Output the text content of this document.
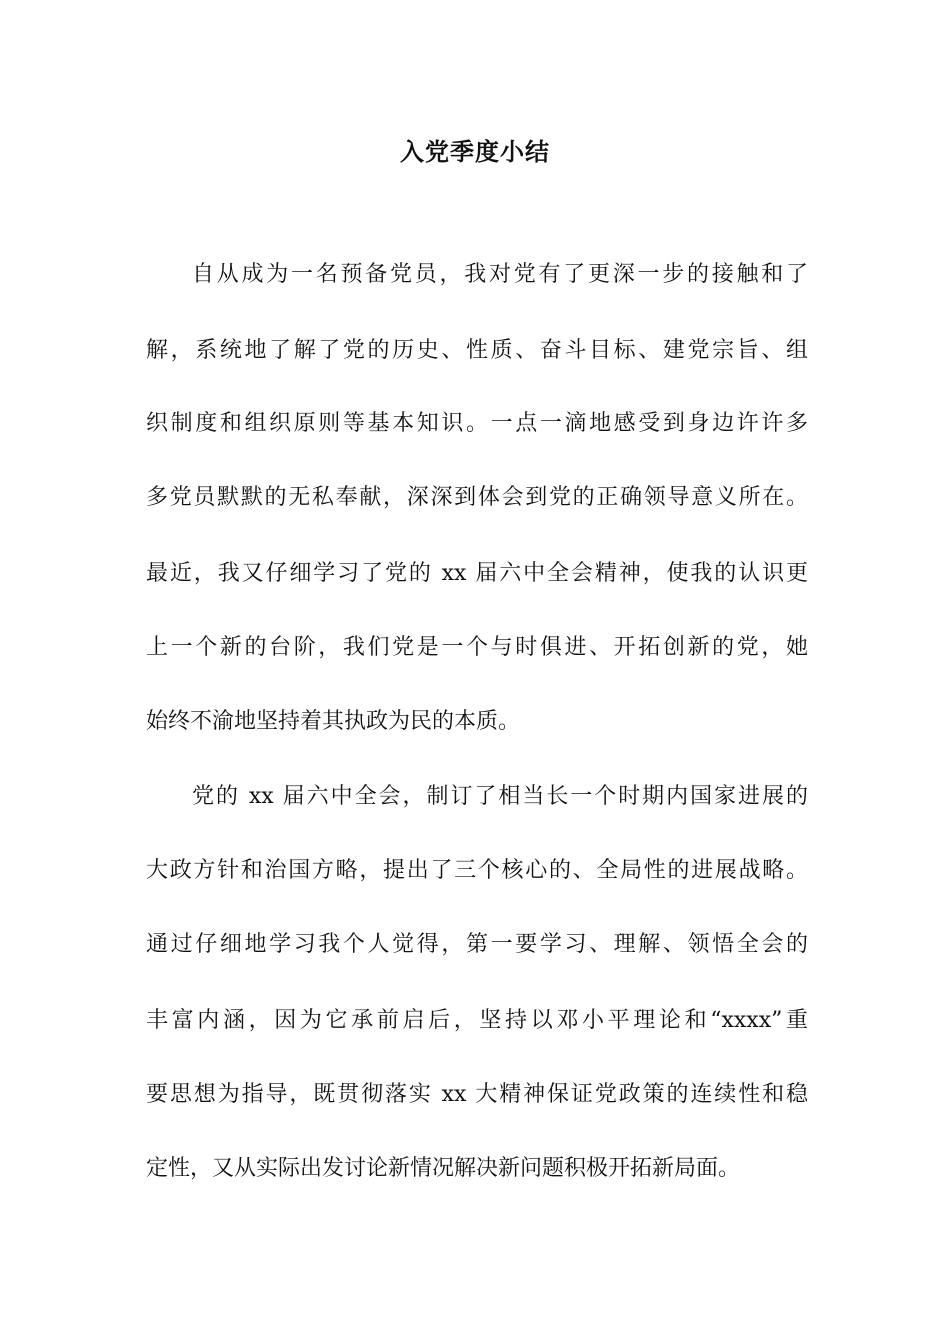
入党季度小结

自从成为一名预备党员，我对党有了更深一步的接触和了

解，系统地了解了党的历史、性质、奋斗目标、建党宗旨、组

织制度和组织原则等基本知识。一点一滴地感受到身边许许多

多党员默默的无私奉献，深深到体会到党的正确领导意义所在。

最近，我又仔细学习了党的 xx 届六中全会精神，使我的认识更

上一个新的台阶，我们党是一个与时俱进、开拓创新的党，她

始终不渝地坚持着其执政为民的本质。

党的 xx 届六中全会，制订了相当长一个时期内国家进展的

大政方针和治国方略，提出了三个核心的、全局性的进展战略。

通过仔细地学习我个人觉得，第一要学习、理解、领悟全会的

丰富内涵，因为它承前启后，坚持以邓小平理论和“xxxx”重

要思想为指导，既贯彻落实 xx 大精神保证党政策的连续性和稳

定性，又从实际出发讨论新情况解决新问题积极开拓新局面。
